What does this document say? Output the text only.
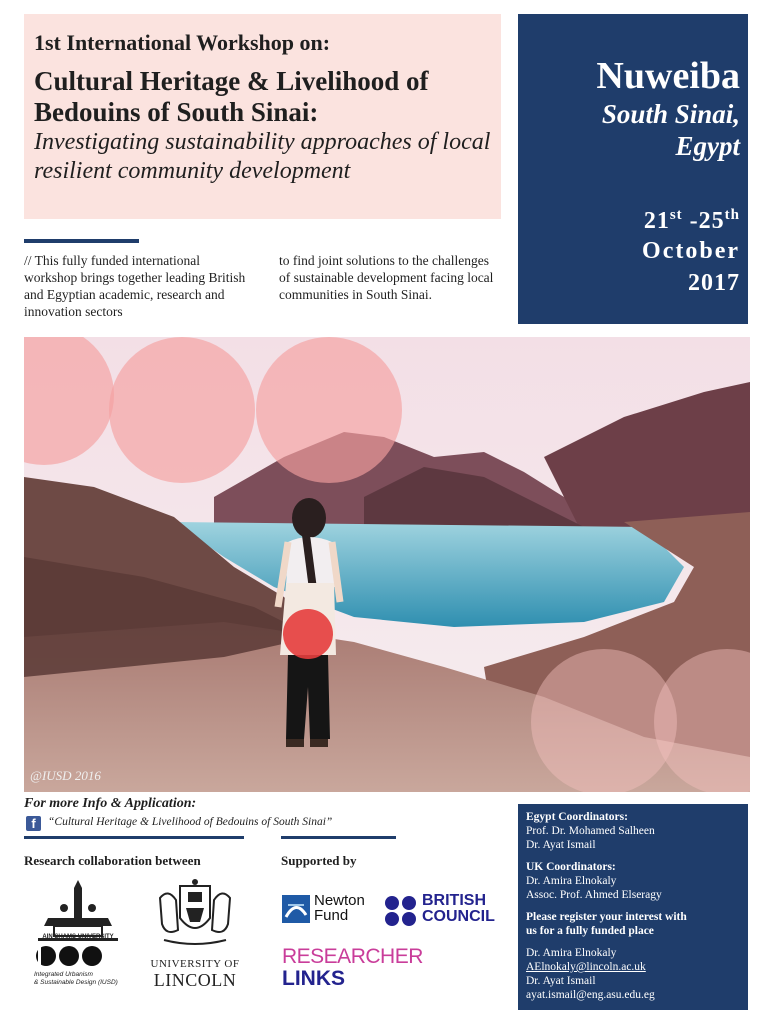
1st International Workshop on:

Cultural Heritage & Livelihood of Bedouins of South Sinai:

Investigating sustainability approaches of local resilient community development

Nuweiba
South Sinai, Egypt
21st -25th
October
2017
// This fully funded international workshop brings together leading British and Egyptian academic, research and innovation sectors
to find joint solutions to the challenges of sustainable development facing local communities in South Sinai.
@IUSD 2016
For more Info & Application:
f	“Cultural Heritage & Livelihood of Bedouins of South Sinai”
Research collaboration between	Supported by
AIN SHAMS UNIVERSITY
Integrated Urbanism
& Sustainable Design (IUSD)
UNIVERSITY OF
LINCOLN
Newton
Fund
BRITISH
COUNCIL
RESEARCHER
LINKS
Egypt Coordinators:
Prof. Dr. Mohamed Salheen
Dr. Ayat Ismail
UK Coordinators:
Dr. Amira Elnokaly
Assoc. Prof. Ahmed Elseragy
Please register your interest with
us for a fully funded place
Dr. Amira Elnokaly
AElnokaly@lincoln.ac.uk
Dr. Ayat Ismail
ayat.ismail@eng.asu.edu.eg
